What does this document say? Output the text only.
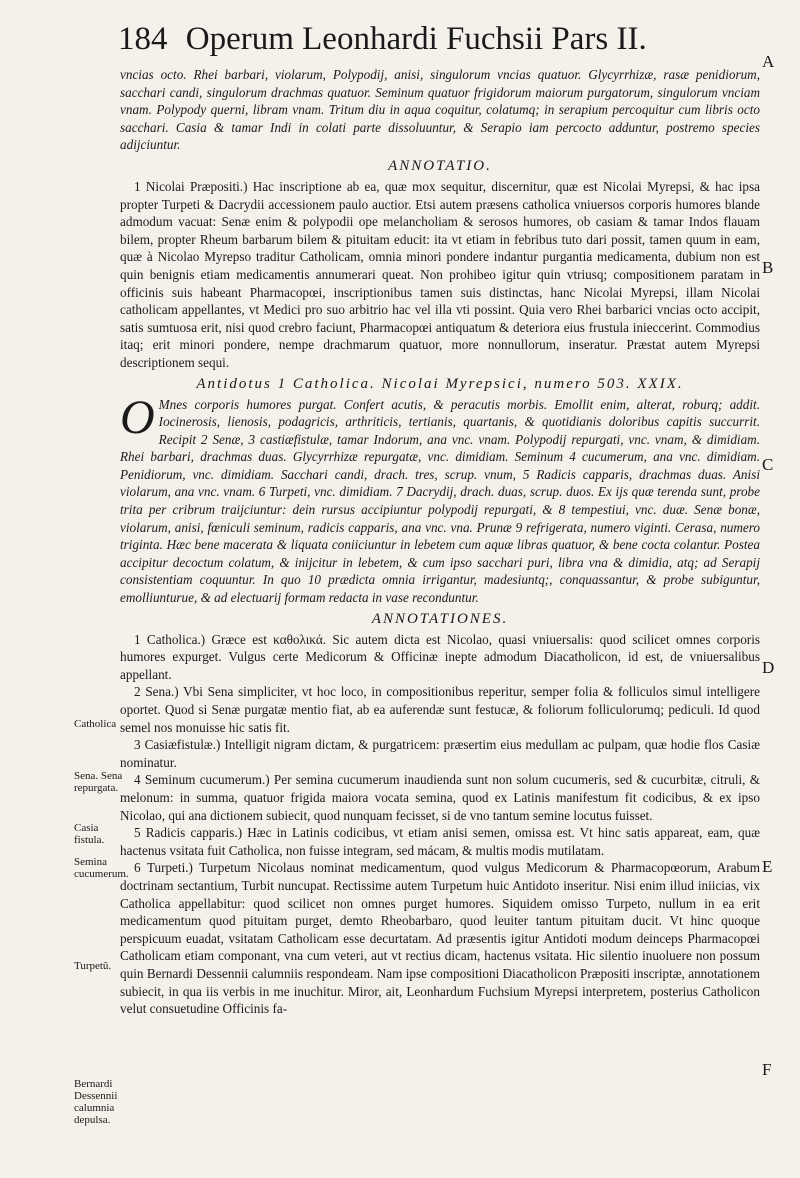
184 Operum Leonhardi Fuchsii Pars II.
A
B
C
D
E
F
Catholica
Sena. Sena repurgata.
Casia fistula.
Semina cucumerum.
Turpetũ.
Bernardi Dessennii calumnia depulsa.

vncias octo. Rhei barbari, violarum, Polypodij, anisi, singulorum vncias quatuor. Glycyrrhizæ, rasæ penidiorum, sacchari candi, singulorum drachmas quatuor. Seminum quatuor frigidorum maiorum purgatorum, singulorum vnciam vnam. Polypody querni, libram vnam. Tritum diu in aqua coquitur, colatumq; in serapium percoquitur cum libris octo sacchari. Casia & tamar Indi in colati parte dissoluuntur, & Serapio iam percocto adduntur, postremo species adijciuntur.

ANNOTATIO.

1 Nicolai Præpositi.) Hac inscriptione ab ea, quæ mox sequitur, discernitur, quæ est Nicolai Myrepsi, & hac ipsa propter Turpeti & Dacrydii accessionem paulo auctior. Etsi autem præsens catholica vniuersos corporis humores blande admodum vacuat: Senæ enim & polypodii ope melancholiam & serosos humores, ob casiam & tamar Indos flauam bilem, propter Rheum barbarum bilem & pituitam educit: ita vt etiam in febribus tuto dari possit, tamen quum in eam, quæ à Nicolao Myrepso traditur Catholicam, omnia minori pondere indantur purgantia medicamenta, dubium non est quin benignis etiam medicamentis annumerari queat. Non prohibeo igitur quin vtriusq; compositionem paratam in officinis suis habeant Pharmacopœi, inscriptionibus tamen suis distinctas, hanc Nicolai Myrepsi, illam Nicolai catholicam appellantes, vt Medici pro suo arbitrio hac vel illa vti possint. Quia vero Rhei barbarici vncias octo accipit, satis sumtuosa erit, nisi quod crebro faciunt, Pharmacopœi antiquatum & deteriora eius frustula inieccerint. Commodius itaq; erit minori pondere, nempe drachmarum quatuor, more nonnullorum, inseratur. Præstat autem Myrepsi descriptionem sequi.

Antidotus 1 Catholica. Nicolai Myrepsici, numero 503. XXIX.

O Mnes corporis humores purgat. Confert acutis, & peracutis morbis. Emollit enim, alterat, roburq; addit. Iocinerosis, lienosis, podagricis, arthriticis, tertianis, quartanis, & quotidianis doloribus capitis succurrit. Recipit 2 Senæ, 3 castiæfistulæ, tamar Indorum, ana vnc. vnam. Polypodij repurgati, vnc. vnam, & dimidiam. Rhei barbari, drachmas duas. Glycyrrhizæ repurgatæ, vnc. dimidiam. Seminum 4 cucumerum, ana vnc. dimidiam. Penidiorum, vnc. dimidiam. Sacchari candi, drach. tres, scrup. vnum, 5 Radicis capparis, drachmas duas. Anisi violarum, ana vnc. vnam. 6 Turpeti, vnc. dimidiam. 7 Dacrydij, drach. duas, scrup. duos. Ex ijs quæ terenda sunt, probe trita per cribrum traijciuntur: dein rursus accipiuntur polypodij repurgati, & 8 tempestiui, vnc. duæ. Senæ bonæ, violarum, anisi, fœniculi seminum, radicis capparis, ana vnc. vna. Prunæ 9 refrigerata, numero viginti. Cerasa, numero triginta. Hæc bene macerata & liquata coniiciuntur in lebetem cum aquæ libras quatuor, & bene cocta colantur. Postea accipitur decoctum colatum, & inijcitur in lebetem, & cum ipso sacchari puri, libra vna & dimidia, atq; ad Serapij consistentiam coquuntur. In quo 10 prædicta omnia irrigantur, madesiuntq;, conquassantur, & probe subiguntur, emolliunturue, & ad electuarij formam redacta in vase reconduntur.

ANNOTATIONES.

1 Catholica.) Græce est καθολικά. Sic autem dicta est Nicolao, quasi vniuersalis: quod scilicet omnes corporis humores expurget. Vulgus certe Medicorum & Officinæ inepte admodum Diacatholicon, id est, de vniuersalibus appellant.

2 Sena.) Vbi Sena simpliciter, vt hoc loco, in compositionibus reperitur, semper folia & folliculos simul intelligere oportet. Quod si Senæ purgatæ mentio fiat, ab ea auferendæ sunt festucæ, & foliorum folliculorumq; pediculi. Id quod semel nos monuisse hic satis fit.

3 Casiæfistulæ.) Intelligit nigram dictam, & purgatricem: præsertim eius medullam ac pulpam, quæ hodie flos Casiæ nominatur.

4 Seminum cucumerum.) Per semina cucumerum inaudienda sunt non solum cucumeris, sed & cucurbitæ, citruli, & melonum: in summa, quatuor frigida maiora vocata semina, quod ex Latinis manifestum fit codicibus, & ex ipso Nicolao, qui ana dictionem subiecit, quod nunquam fecisset, si de vno tantum semine locutus fuisset.

5 Radicis capparis.) Hæc in Latinis codicibus, vt etiam anisi semen, omissa est. Vt hinc satis appareat, eam, quæ hactenus vsitata fuit Catholica, non fuisse integram, sed mácam, & multis modis mutilatam.

6 Turpeti.) Turpetum Nicolaus nominat medicamentum, quod vulgus Medicorum & Pharmacopœorum, Arabum doctrinam sectantium, Turbit nuncupat. Rectissime autem Turpetum huic Antidoto inseritur. Nisi enim illud iniicias, vix Catholica appellabitur: quod scilicet non omnes purget humores. Siquidem omisso Turpeto, nullum in ea erit medicamentum quod pituitam purget, demto Rheobarbaro, quod leuiter tantum pituitam ducit. Vt hinc quoque perspicuum euadat, vsitatam Catholicam esse decurtatam. Ad præsentis igitur Antidoti modum deinceps Pharmacopœi Catholicam etiam componant, vna cum veteri, aut vt rectius dicam, hactenus vsitata. Hic silentio inuoluere non possum quin Bernardi Dessennii calumniis respondeam. Nam ipse compositioni Diacatholicon Præpositi inscriptæ, annotationem subiecit, in qua iis verbis in me inuchitur. Miror, ait, Leonhardum Fuchsium Myrepsi interpretem, posterius Catholicon velut consuetudine Officinis fa-
